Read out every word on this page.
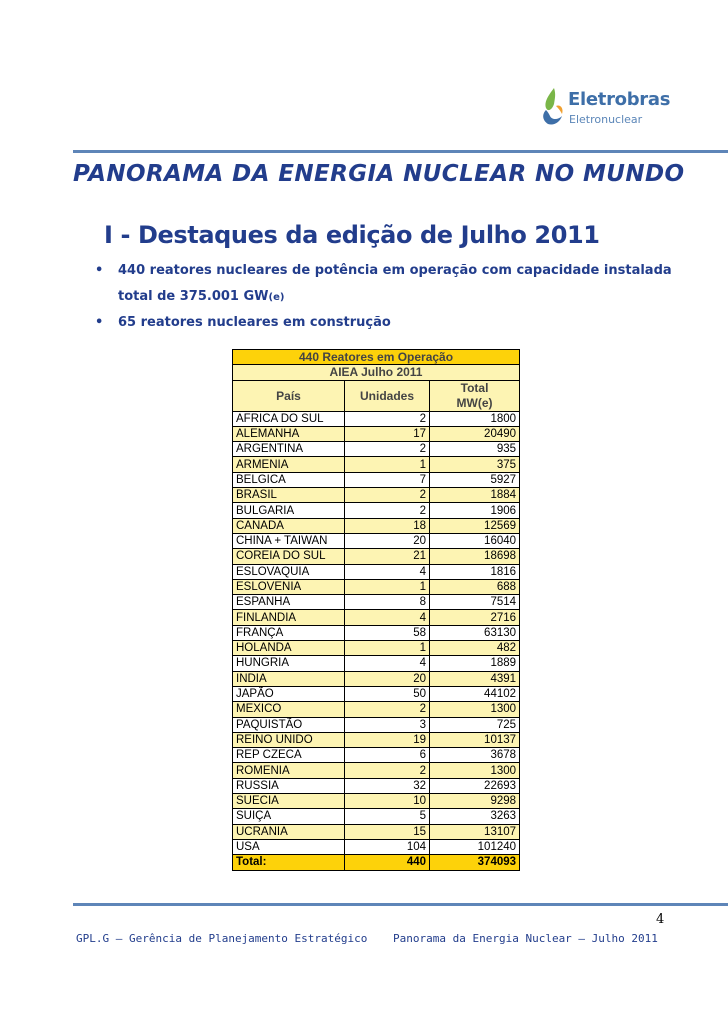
Eletrobras
Eletronuclear
PANORAMA DA ENERGIA NUCLEAR NO MUNDO
I - Destaques da edição de Julho 2011
• 440 reatores nucleares de potência em operação com capacidade instalada
total de 375.001 GW(e)
• 65 reatores nucleares em construção
440 Reatores em Operação		
AIEA Julho 2011		
País	Unidades	Total
MW(e)

AFRICA DO SUL	2	1800
ALEMANHA	17	20490
ARGENTINA	2	935
ARMENIA	1	375
BELGICA	7	5927
BRASIL	2	1884
BULGARIA	2	1906
CANADA	18	12569
CHINA + TAIWAN	20	16040
COREIA DO SUL	21	18698
ESLOVAQUIA	4	1816
ESLOVENIA	1	688
ESPANHA	8	7514
FINLANDIA	4	2716
FRANÇA	58	63130
HOLANDA	1	482
HUNGRIA	4	1889
INDIA	20	4391
JAPÃO	50	44102
MEXICO	2	1300
PAQUISTÃO	3	725
REINO UNIDO	19	10137
REP CZECA	6	3678
ROMENIA	2	1300
RUSSIA	32	22693
SUECIA	10	9298
SUIÇA	5	3263
UCRANIA	15	13107
USA	104	101240
Total:	440	374093
4
GPL.G – Gerência de Planejamento Estratégico Panorama da Energia Nuclear – Julho 2011
